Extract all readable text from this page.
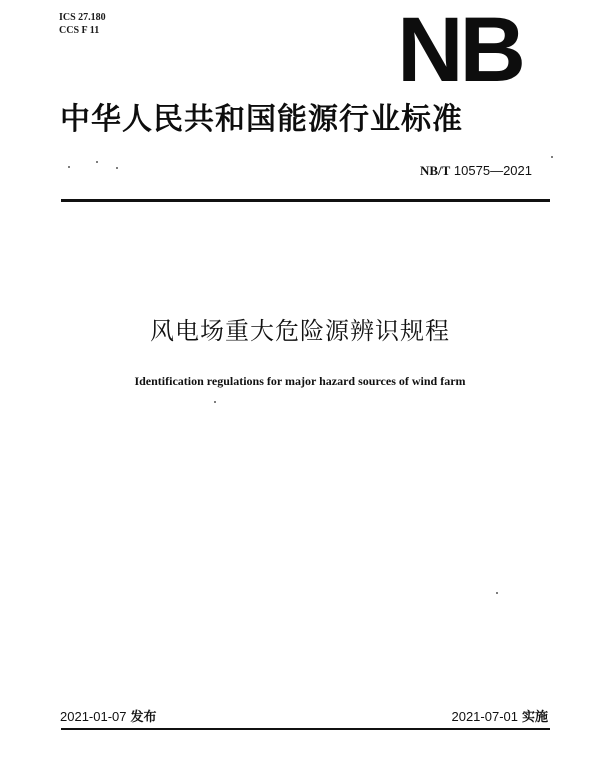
ICS 27.180
CCS F 11	NB
中华人民共和国能源行业标准
NB/T 10575—2021
风电场重大危险源辨识规程
Identification regulations for major hazard sources of wind farm
2021-01-07 发布	2021-07-01 实施
